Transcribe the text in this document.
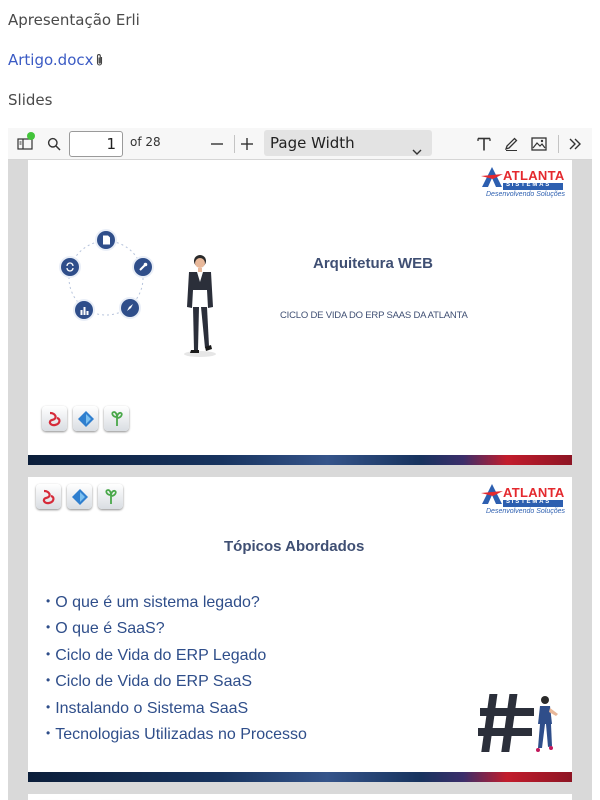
Apresentação Erli
Artigo.docx
Slides
1
of 28	Page Width
ATLANTA
SISTEMAS
Desenvolvendo Soluções
Arquitetura WEB
CICLO DE VIDA DO ERP SAAS DA ATLANTA
ATLANTA
SISTEMAS
Desenvolvendo Soluções
Tópicos Abordados
• O que é um sistema legado?
• O que é SaaS?
• Ciclo de Vida do ERP Legado
• Ciclo de Vida do ERP SaaS
• Instalando o Sistema SaaS
• Tecnologias Utilizadas no Processo
